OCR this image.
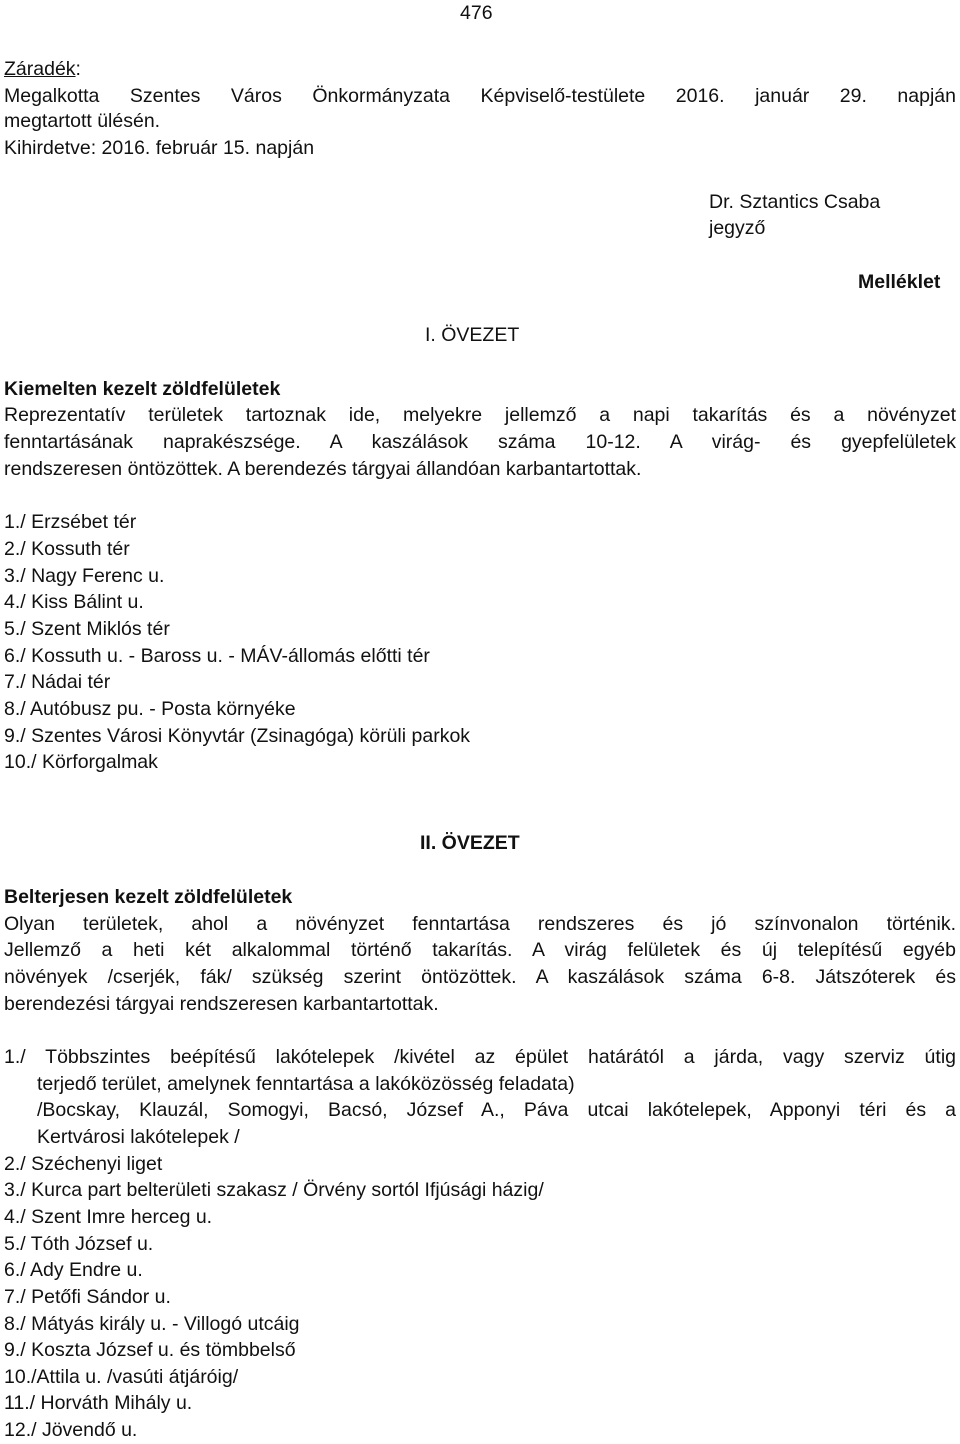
476
Záradék:
Megalkotta Szentes Város Önkormányzata Képviselő-testülete 2016. január 29. napján
megtartott ülésén.
Kihirdetve: 2016. február 15. napján
Dr. Sztantics Csaba
jegyző
Melléklet
I. ÖVEZET
Kiemelten kezelt zöldfelületek
Reprezentatív területek tartoznak ide, melyekre jellemző a napi takarítás és a növényzet
fenntartásának naprakészsége. A kaszálások száma 10-12. A virág- és gyepfelületek
rendszeresen öntözöttek. A berendezés tárgyai állandóan karbantartottak.
1./ Erzsébet tér
2./ Kossuth tér
3./ Nagy Ferenc u.
4./ Kiss Bálint u.
5./ Szent Miklós tér
6./ Kossuth u. - Baross u. - MÁV-állomás előtti tér
7./ Nádai tér
8./ Autóbusz pu. - Posta környéke
9./ Szentes Városi Könyvtár (Zsinagóga) körüli parkok
10./ Körforgalmak
II. ÖVEZET
Belterjesen kezelt zöldfelületek
Olyan területek, ahol a növényzet fenntartása rendszeres és jó színvonalon történik.
Jellemző a heti két alkalommal történő takarítás. A virág felületek és új telepítésű egyéb
növények /cserjék, fák/ szükség szerint öntözöttek. A kaszálások száma 6-8. Játszóterek és
berendezési tárgyai rendszeresen karbantartottak.
1./ Többszintes beépítésű lakótelepek /kivétel az épület határától a járda, vagy szerviz útig
terjedő terület, amelynek fenntartása a lakóközösség feladata)
/Bocskay, Klauzál, Somogyi, Bacsó, József A., Páva utcai lakótelepek, Apponyi téri és a
Kertvárosi lakótelepek /
2./ Széchenyi liget
3./ Kurca part belterületi szakasz / Örvény sortól Ifjúsági házig/
4./ Szent Imre herceg u.
5./ Tóth József u.
6./ Ady Endre u.
7./ Petőfi Sándor u.
8./ Mátyás király u. - Villogó utcáig
9./ Koszta József u. és tömbbelső
10./Attila u. /vasúti átjáróig/
11./ Horváth Mihály u.
12./ Jövendő u.
